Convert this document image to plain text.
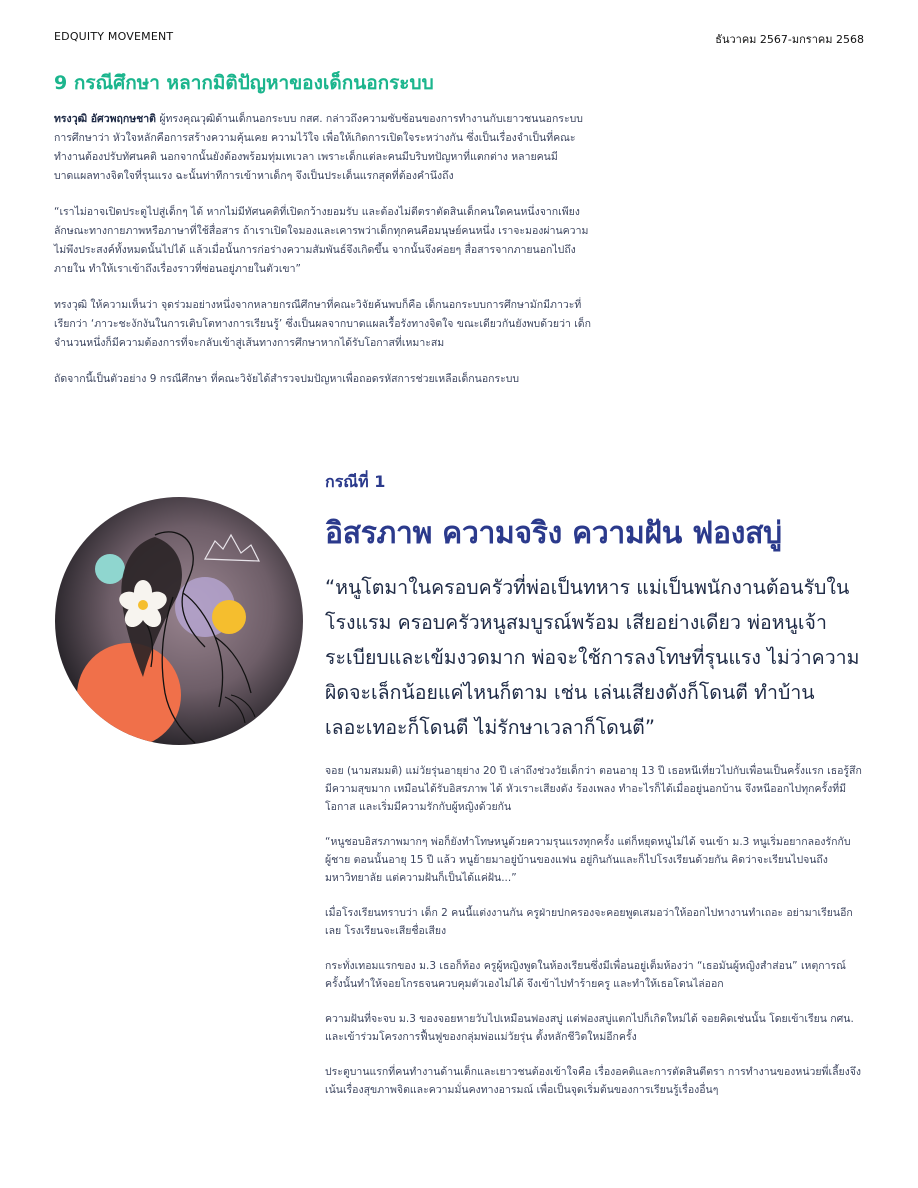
EDQUITY MOVEMENT	ธันวาคม 2567-มกราคม 2568
9 กรณีศึกษา หลากมิติปัญหาของเด็กนอกระบบ

ทรงวุฒิ อัศวพฤกษชาติ ผู้ทรงคุณวุฒิด้านเด็กนอกระบบ กสศ. กล่าวถึงความซับซ้อนของการทำงานกับเยาวชนนอกระบบการศึกษาว่า หัวใจหลักคือการสร้างความคุ้นเคย ความไว้ใจ เพื่อให้เกิดการเปิดใจระหว่างกัน ซึ่งเป็นเรื่องจำเป็นที่คณะทำงานต้องปรับทัศนคติ นอกจากนั้นยังต้องพร้อมทุ่มเทเวลา เพราะเด็กแต่ละคนมีบริบทปัญหาที่แตกต่าง หลายคนมีบาดแผลทางจิตใจที่รุนแรง ฉะนั้นท่าทีการเข้าหาเด็กๆ จึงเป็นประเด็นแรกสุดที่ต้องคำนึงถึง

“เราไม่อาจเปิดประตูไปสู่เด็กๆ ได้ หากไม่มีทัศนคติที่เปิดกว้างยอมรับ และต้องไม่ตีตราตัดสินเด็กคนใดคนหนึ่งจากเพียงลักษณะทางกายภาพหรือภาษาที่ใช้สื่อสาร ถ้าเราเปิดใจมองและเคารพว่าเด็กทุกคนคือมนุษย์คนหนึ่ง เราจะมองผ่านความไม่พึงประสงค์ทั้งหมดนั้นไปได้ แล้วเมื่อนั้นการก่อร่างความสัมพันธ์จึงเกิดขึ้น จากนั้นจึงค่อยๆ สื่อสารจากภายนอกไปถึงภายใน ทำให้เราเข้าถึงเรื่องราวที่ซ่อนอยู่ภายในตัวเขา”

ทรงวุฒิ ให้ความเห็นว่า จุดร่วมอย่างหนึ่งจากหลายกรณีศึกษาที่คณะวิจัยค้นพบก็คือ เด็กนอกระบบการศึกษามักมีภาวะที่เรียกว่า ‘ภาวะชะงักงันในการเติบโตทางการเรียนรู้’ ซึ่งเป็นผลจากบาดแผลเรื้อรังทางจิตใจ ขณะเดียวกันยังพบด้วยว่า เด็กจำนวนหนึ่งก็มีความต้องการที่จะกลับเข้าสู่เส้นทางการศึกษาหากได้รับโอกาสที่เหมาะสม

ถัดจากนี้เป็นตัวอย่าง 9 กรณีศึกษา ที่คณะวิจัยได้สำรวจปมปัญหาเพื่อถอดรหัสการช่วยเหลือเด็กนอกระบบ

กรณีที่ 1
อิสรภาพ ความจริง ความฝัน ฟองสบู่
“หนูโตมาในครอบครัวที่พ่อเป็นทหาร แม่เป็นพนักงานต้อนรับในโรงแรม ครอบครัวหนูสมบูรณ์พร้อม เสียอย่างเดียว พ่อหนูเจ้าระเบียบและเข้มงวดมาก พ่อจะใช้การลงโทษที่รุนแรง ไม่ว่าความผิดจะเล็กน้อยแค่ไหนก็ตาม เช่น เล่นเสียงดังก็โดนตี ทำบ้านเลอะเทอะก็โดนตี ไม่รักษาเวลาก็โดนตี”

จอย (นามสมมติ) แม่วัยรุ่นอายุย่าง 20 ปี เล่าถึงช่วงวัยเด็กว่า ตอนอายุ 13 ปี เธอหนีเที่ยวไปกับเพื่อนเป็นครั้งแรก เธอรู้สึกมีความสุขมาก เหมือนได้รับอิสรภาพ ได้ หัวเราะเสียงดัง ร้องเพลง ทำอะไรก็ได้เมื่ออยู่นอกบ้าน จึงหนีออกไปทุกครั้งที่มีโอกาส และเริ่มมีความรักกับผู้หญิงด้วยกัน

“หนูชอบอิสรภาพมากๆ พ่อก็ยังทำโทษหนูด้วยความรุนแรงทุกครั้ง แต่ก็หยุดหนูไม่ได้ จนเข้า ม.3 หนูเริ่มอยากลองรักกับผู้ชาย ตอนนั้นอายุ 15 ปี แล้ว หนูย้ายมาอยู่บ้านของแฟน อยู่กินกันและก็ไปโรงเรียนด้วยกัน คิดว่าจะเรียนไปจนถึงมหาวิทยาลัย แต่ความฝันก็เป็นได้แค่ฝัน...”

เมื่อโรงเรียนทราบว่า เด็ก 2 คนนี้แต่งงานกัน ครูฝ่ายปกครองจะคอยพูดเสมอว่าให้ออกไปหางานทำเถอะ อย่ามาเรียนอีกเลย โรงเรียนจะเสียชื่อเสียง

กระทั่งเทอมแรกของ ม.3 เธอก็ท้อง ครูผู้หญิงพูดในห้องเรียนซึ่งมีเพื่อนอยู่เต็มห้องว่า “เธอมันผู้หญิงสำส่อน” เหตุการณ์ครั้งนั้นทำให้จอยโกรธจนควบคุมตัวเองไม่ได้ จึงเข้าไปทำร้ายครู และทำให้เธอโดนไล่ออก

ความฝันที่จะจบ ม.3 ของจอยหายวับไปเหมือนฟองสบู่ แต่ฟองสบู่แตกไปก็เกิดใหม่ได้ จอยคิดเช่นนั้น โดยเข้าเรียน กศน. และเข้าร่วมโครงการฟื้นฟูของกลุ่มพ่อแม่วัยรุ่น ตั้งหลักชีวิตใหม่อีกครั้ง

ประตูบานแรกที่คนทำงานด้านเด็กและเยาวชนต้องเข้าใจคือ เรื่องอคติและการตัดสินตีตรา การทำงานของหน่วยพี่เลี้ยงจึงเน้นเรื่องสุขภาพจิตและความมั่นคงทางอารมณ์ เพื่อเป็นจุดเริ่มต้นของการเรียนรู้เรื่องอื่นๆ
